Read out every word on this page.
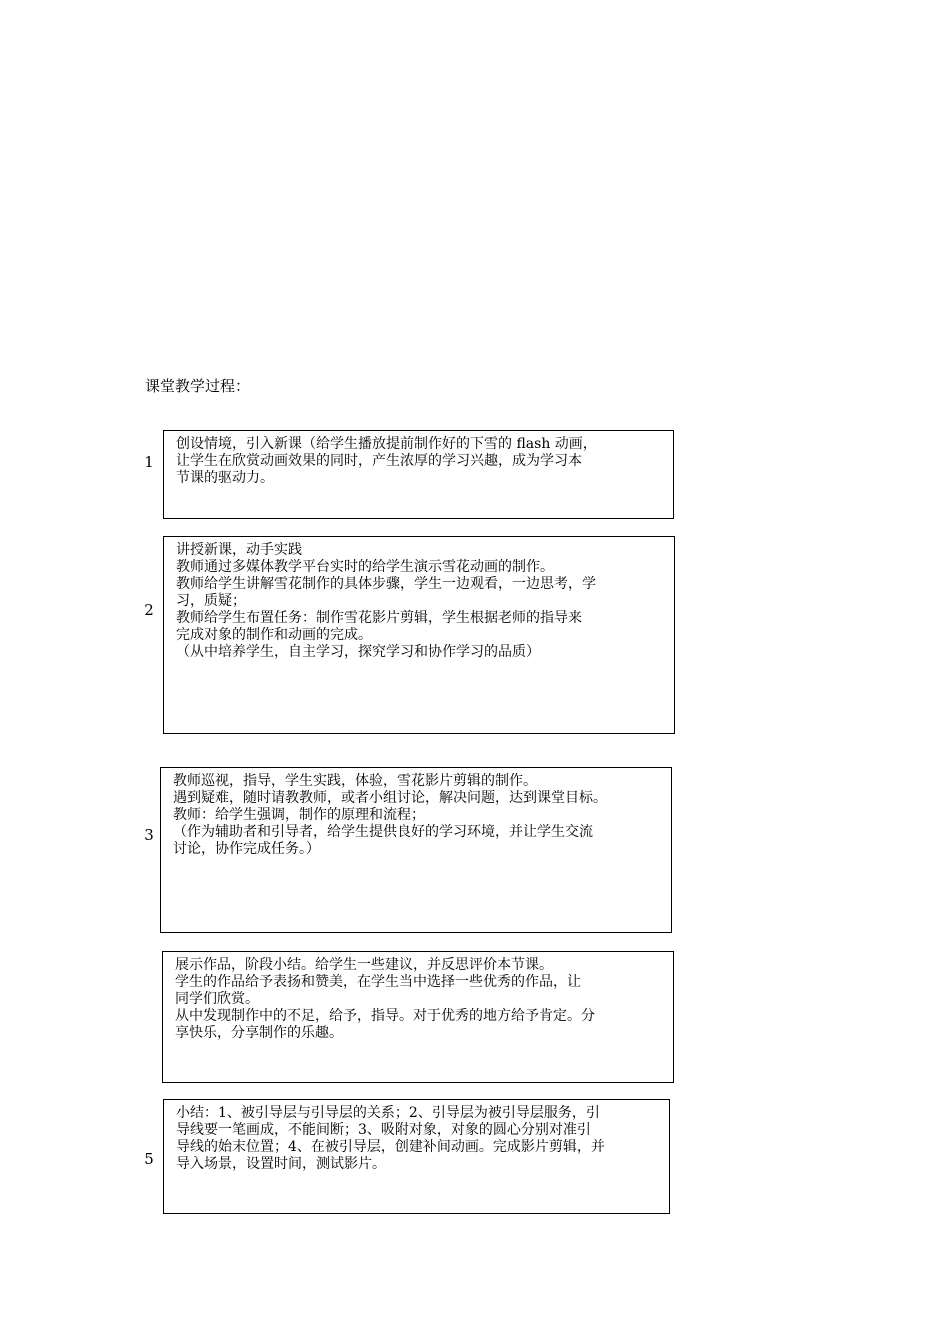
课堂教学过程：
1
创设情境，引入新课（给学生播放提前制作好的下雪的 flash 动画，
让学生在欣赏动画效果的同时，产生浓厚的学习兴趣，成为学习本
节课的驱动力。
2
讲授新课，动手实践
教师通过多媒体教学平台实时的给学生演示雪花动画的制作。
教师给学生讲解雪花制作的具体步骤，学生一边观看，一边思考，学
习，质疑；
教师给学生布置任务：制作雪花影片剪辑，学生根据老师的指导来
完成对象的制作和动画的完成。
（从中培养学生，自主学习，探究学习和协作学习的品质）
3
教师巡视，指导，学生实践，体验，雪花影片剪辑的制作。
遇到疑难，随时请教教师，或者小组讨论，解决问题，达到课堂目标。
教师：给学生强调，制作的原理和流程；
（作为辅助者和引导者，给学生提供良好的学习环境，并让学生交流
讨论，协作完成任务。）
展示作品，阶段小结。给学生一些建议，并反思评价本节课。
学生的作品给予表扬和赞美，在学生当中选择一些优秀的作品，让
同学们欣赏。
从中发现制作中的不足，给予，指导。对于优秀的地方给予肯定。分
享快乐，分享制作的乐趣。
5
小结：1、被引导层与引导层的关系；2、引导层为被引导层服务，引
导线要一笔画成，不能间断；3、吸附对象，对象的圆心分别对准引
导线的始末位置；4、在被引导层，创建补间动画。完成影片剪辑，并
导入场景，设置时间，测试影片。
